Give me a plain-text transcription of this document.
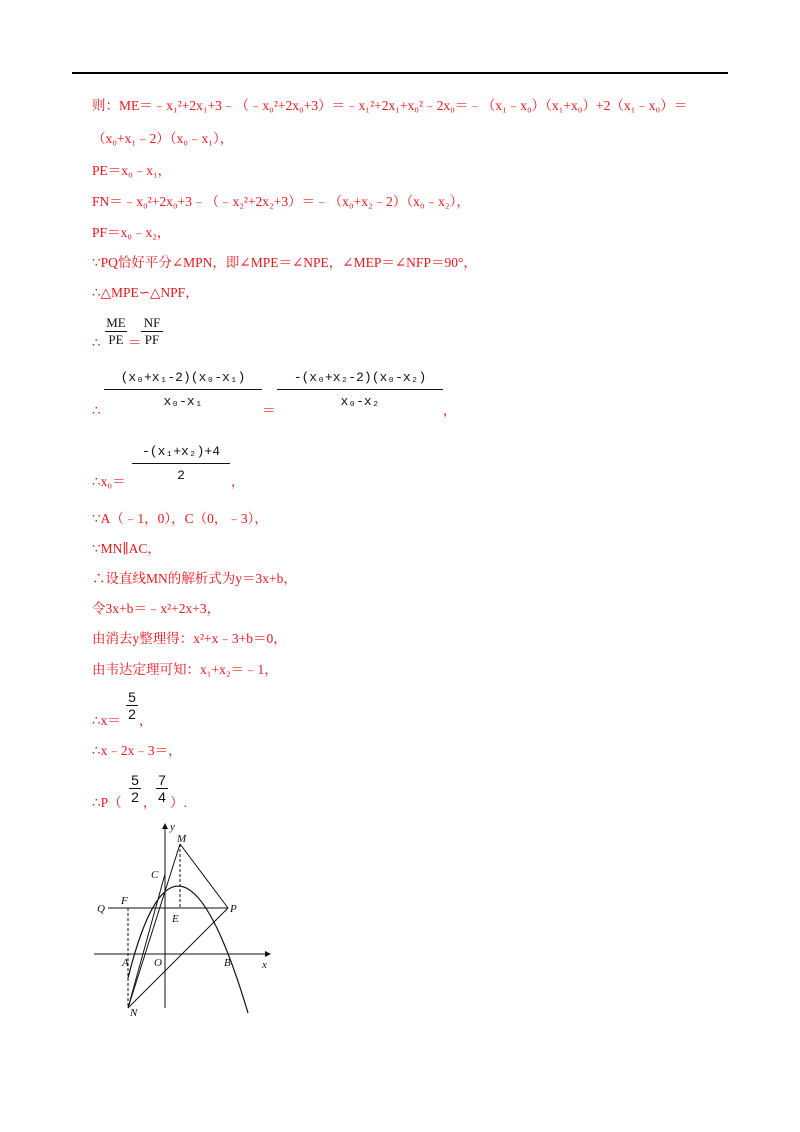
则：ME＝﹣x₁²+2x₁+3﹣（﹣x₀²+2x₀+3）＝﹣x₁²+2x₁+x₀²﹣2x₀＝﹣（x₁﹣x₀）（x₁+x₀）+2（x₁﹣x₀）＝
（x₀+x₁﹣2）（x₀﹣x₁），
PE＝x₀﹣x₁，
FN＝﹣x₀²+2x₀+3﹣（﹣x₂²+2x₂+3）＝﹣（x₀+x₂﹣2）（x₀﹣x₂），
PF＝x₀﹣x₂，
∵PQ恰好平分∠MPN，即∠MPE＝∠NPE，∠MEP＝∠NFP＝90°，
∴△MPE∽△NPF，
∴
ME
PE ＝
NF
PF
∴
(x₀+x₁-2)(x₀-x₁)
x₀-x₁
＝
-(x₀+x₂-2)(x₀-x₂)
x₀-x₂
，
∴x₀＝
-(x₁+x₂)+4
2	，
∵A（﹣1，0），C（0，﹣3），
∵MN∥AC，
∴设直线MN的解析式为y＝3x+b，
令3x+b＝﹣x²+2x+3，
由消去y整理得：x²+x﹣3+b＝0，
由韦达定理可知：x₁+x₂＝﹣1，
∴x＝
5
2 ，
∴x﹣2x﹣3＝，
∴P（
5
2 ，
7
4 ）.
y
M
C
Q
F
E
P
A O	B	x
N
